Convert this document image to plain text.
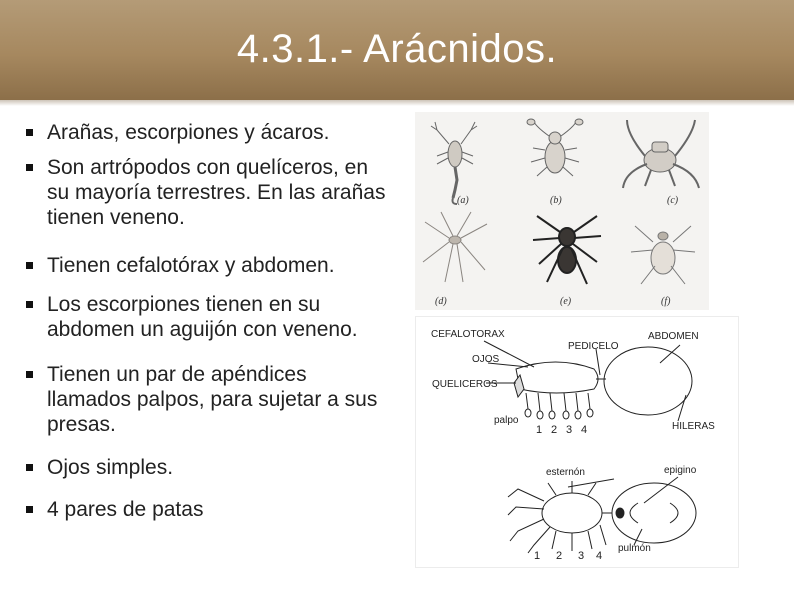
4.3.1.- Arácnidos.
Arañas, escorpiones y ácaros.
Son artrópodos con quelíceros, en su mayoría terrestres. En las arañas tienen veneno.
Tienen cefalotórax y abdomen.
Los escorpiones tienen en su abdomen un aguijón con veneno.
Tienen un par de apéndices llamados palpos, para sujetar a sus presas.
Ojos simples.
4 pares de patas
(a)	(b)	(c)
(d)	(e)	(f)
CEFALOTORAX
PEDICELO
ABDOMEN
OJOS
QUELICEROS
palpo
HILERAS
1 2 3 4
esternón	epigino
pulmón
1 2 3 4
